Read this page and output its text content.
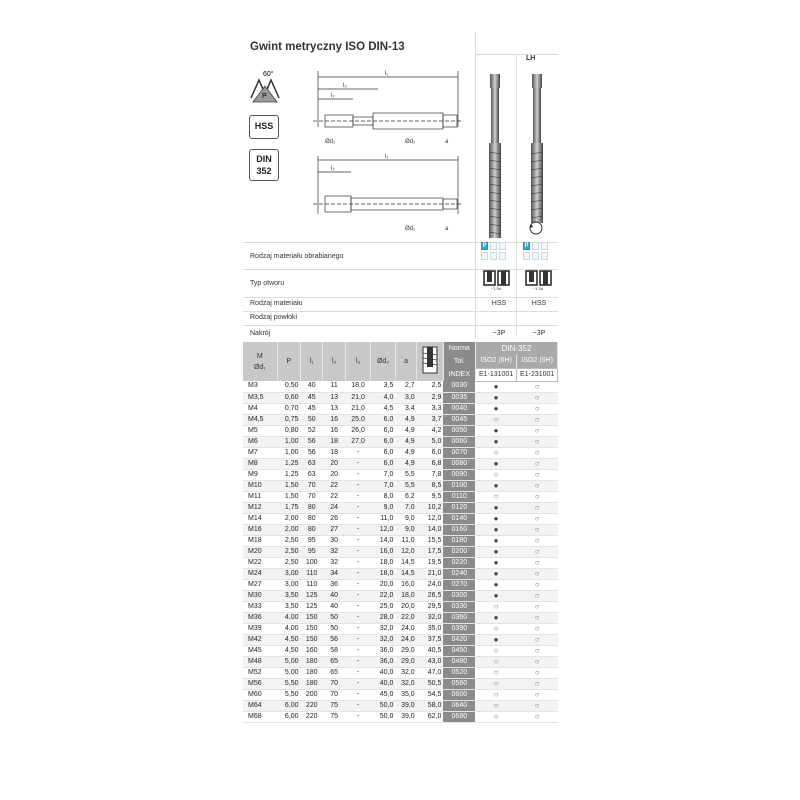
Gwint metryczny ISO DIN-13
LH
60°
P
HSS
DIN
352
l₁
l₃
l₂
Ød₁	Ød₂	a
l₁
l₂
Ød₁	a
Rodzaj materiału obrabianego
P	P
Typ otworu
~1.5d	~1.5d
Rodzaj materiału	HSS	HSS
Rodzaj powłoki
Nakrój	~3P	~3P
M
Ød₁	P	l₁	l₂	l₃	Ød₂	a		Norma	DIN-352	
								Tol.	ISO2 (6H)	ISO2 (6H)
								INDEX	E1-131001	E1-231001
M3	0,50	40	11	18,0	3,5	2,7	2,5	0030	●	○
M3,5	0,60	45	13	21,0	4,0	3,0	2,9	0035	●	○
M4	0,70	45	13	21,0	4,5	3,4	3,3	0040	●	○
M4,5	0,75	50	16	25,0	6,0	4,9	3,7	0045	○	○
M5	0,80	52	16	26,0	6,0	4,9	4,2	0050	●	○
M6	1,00	56	18	27,0	6,0	4,9	5,0	0060	●	○
M7	1,00	56	18	-	6,0	4,9	6,0	0070	○	○
M8	1,25	63	20	-	6,0	4,9	6,8	0080	●	○
M9	1,25	63	20	-	7,0	5,5	7,8	0090	○	○
M10	1,50	70	22	-	7,0	5,5	8,5	0100	●	○
M11	1,50	70	22	-	8,0	6,2	9,5	0110	○	○
M12	1,75	80	24	-	9,0	7,0	10,2	0120	●	○
M14	2,00	80	26	-	11,0	9,0	12,0	0140	●	○
M16	2,00	80	27	-	12,0	9,0	14,0	0160	●	○
M18	2,50	95	30	-	14,0	11,0	15,5	0180	●	○
M20	2,50	95	32	-	16,0	12,0	17,5	0200	●	○
M22	2,50	100	32	-	18,0	14,5	19,5	0220	●	○
M24	3,00	110	34	-	18,0	14,5	21,0	0240	●	○
M27	3,00	110	36	-	20,0	16,0	24,0	0270	●	○
M30	3,50	125	40	-	22,0	18,0	26,5	0300	●	○
M33	3,50	125	40	-	25,0	20,0	29,5	0330	○	○
M36	4,00	150	50	-	28,0	22,0	32,0	0360	●	○
M39	4,00	150	50	-	32,0	24,0	35,0	0390	○	○
M42	4,50	150	56	-	32,0	24,0	37,5	0420	●	○
M45	4,50	160	58	-	36,0	29,0	40,5	0450	○	○
M48	5,00	180	65	-	36,0	29,0	43,0	0480	○	○
M52	5,00	180	65	-	40,0	32,0	47,0	0520	○	○
M56	5,50	180	70	-	40,0	32,0	50,5	0560	○	○
M60	5,50	200	70	-	45,0	35,0	54,5	0600	○	○
M64	6,00	220	75	-	50,0	39,0	58,0	0640	○	○
M68	6,00	220	75	-	50,0	39,0	62,0	0680	○	○
